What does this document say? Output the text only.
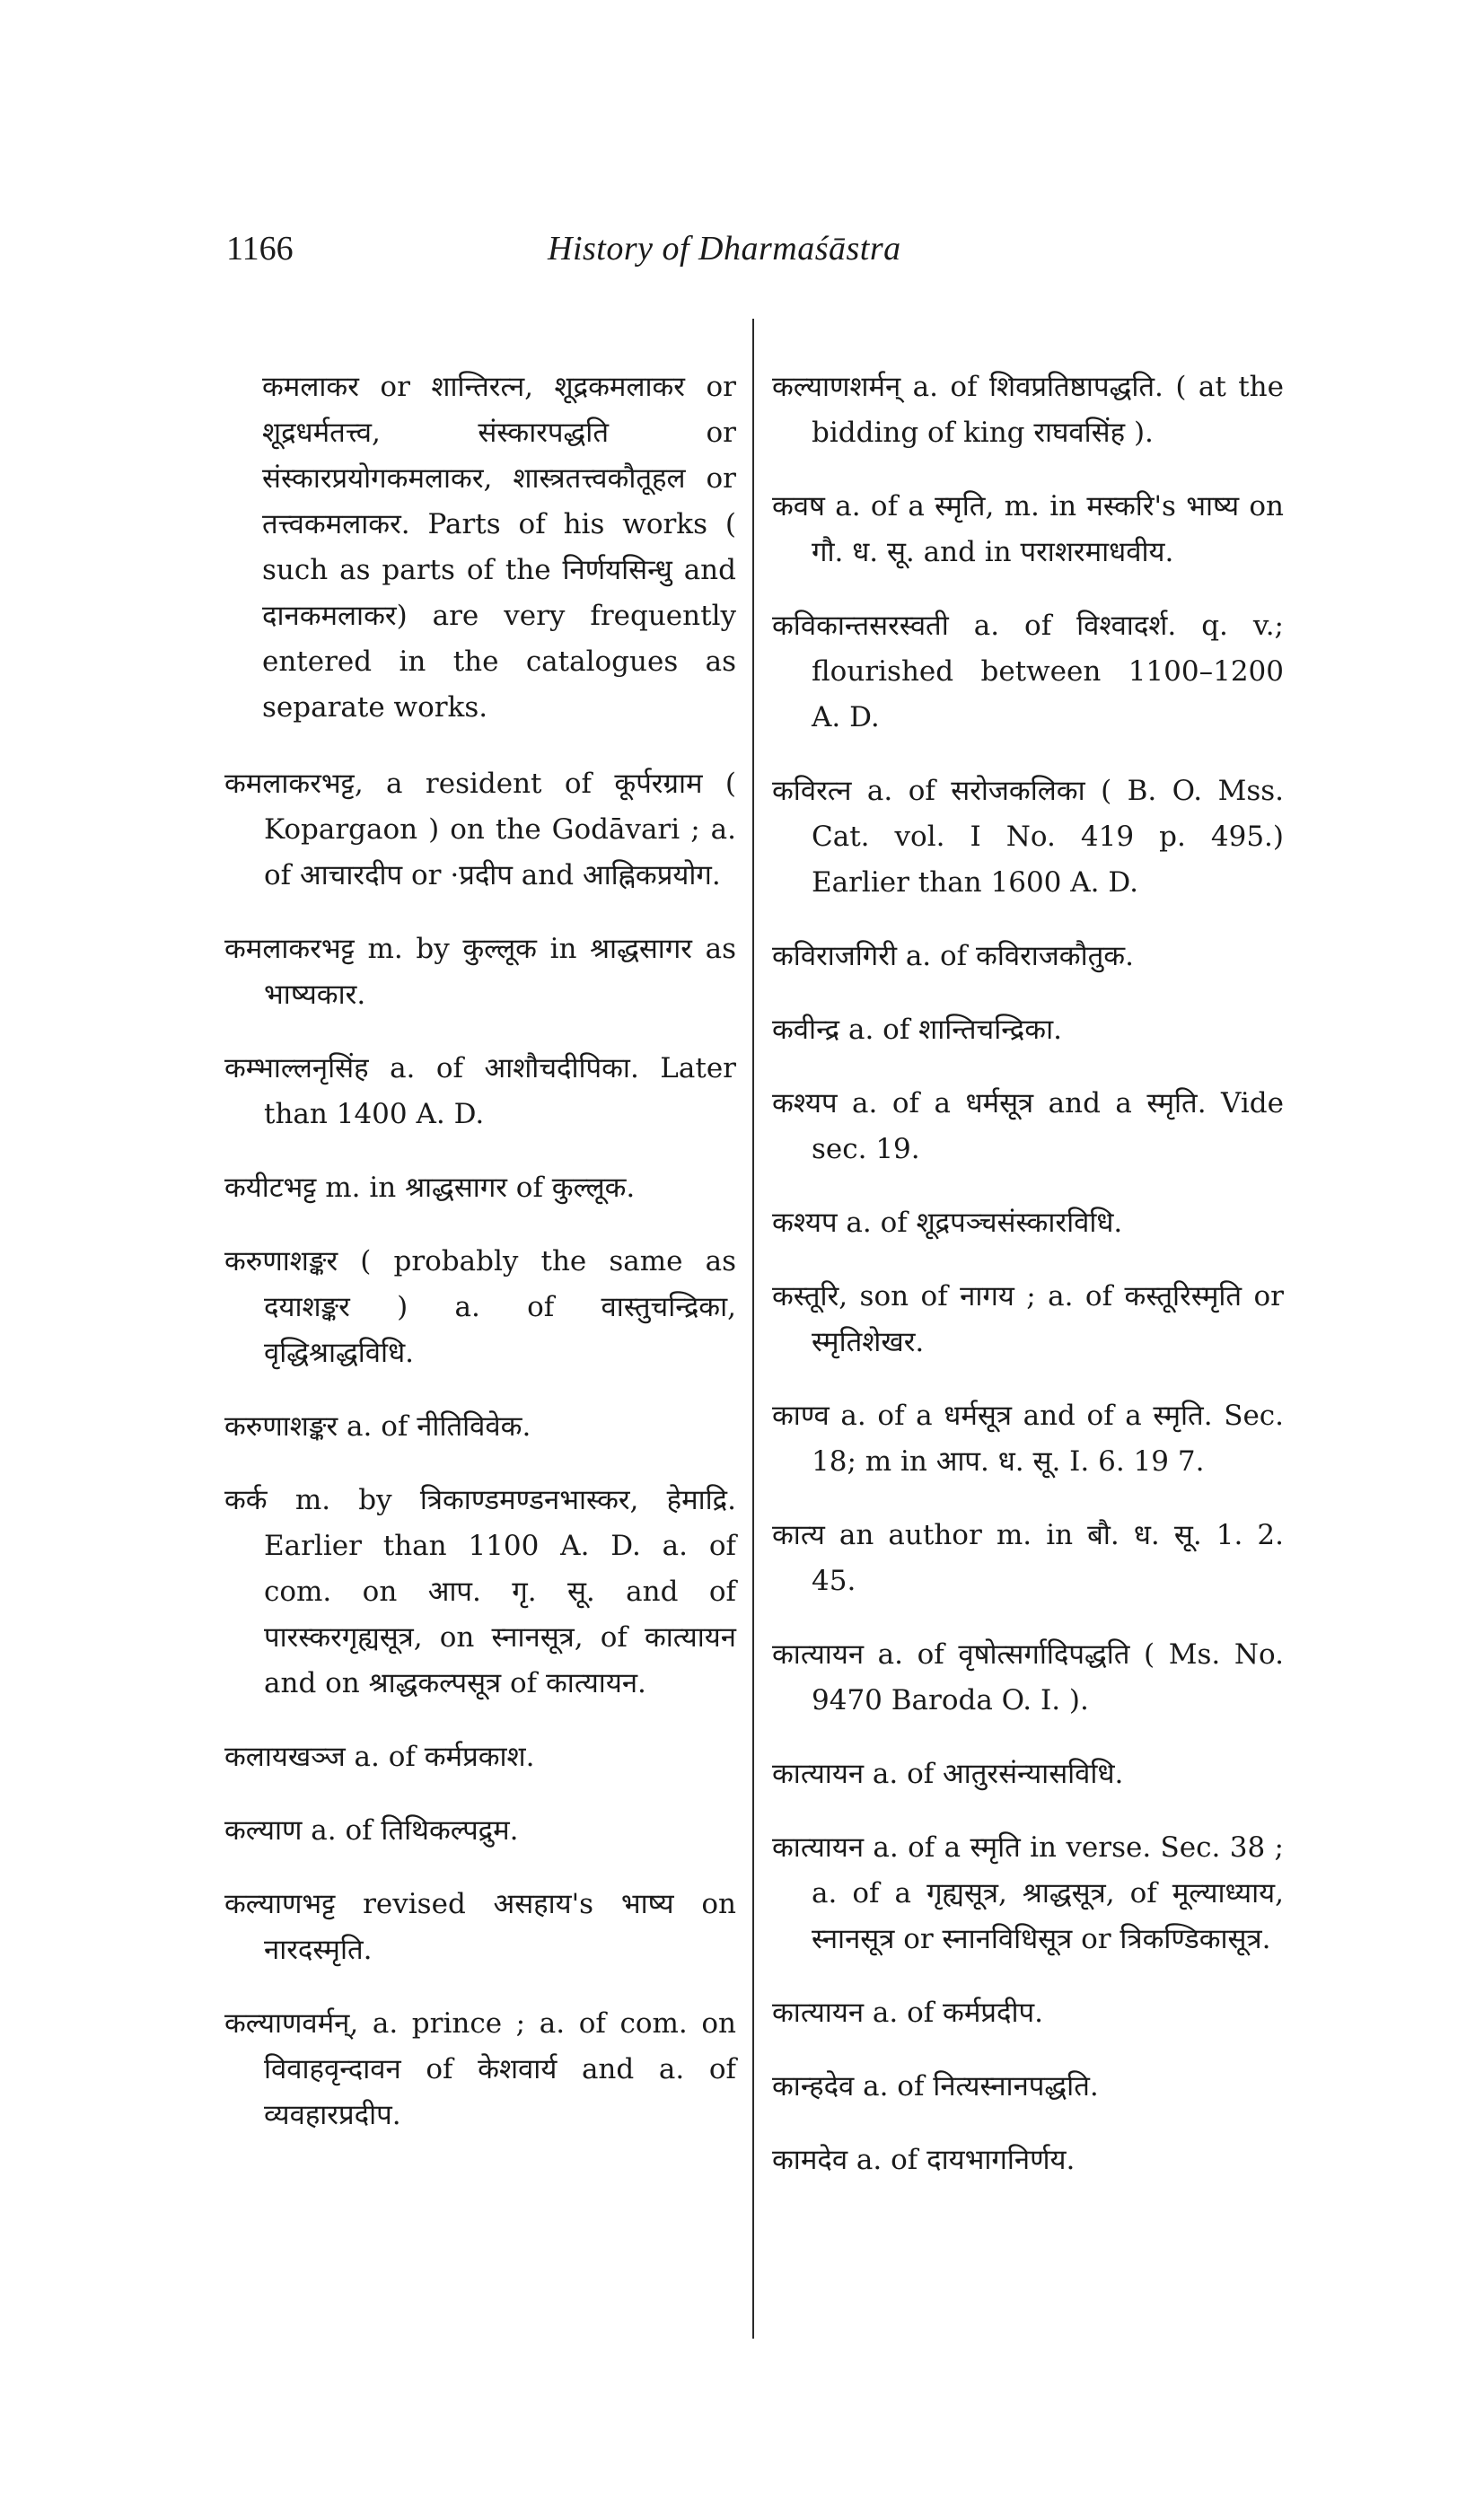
1166	History of Dharmaśāstra

कमलाकर or शान्तिरत्न, शूद्रकमलाकर or शूद्रधर्मतत्त्व, संस्कारपद्धति or संस्कारप्रयोगकमलाकर, शास्त्रतत्त्वकौतूहल or तत्त्वकमलाकर. Parts of his works ( such as parts of the निर्णयसिन्धु and दानकमलाकर) are very frequently entered in the catalogues as separate works.

कमलाकरभट्ट, a resident of कूर्परग्राम ( Kopargaon ) on the Godāvari ; a. of आचारदीप or ·प्रदीप and आह्निकप्रयोग.

कमलाकरभट्ट m. by कुल्लूक in श्राद्धसागर as भाष्यकार.

कम्भाल्लनृसिंह a. of आशौचदीपिका. Later than 1400 A. D.

कयीटभट्ट m. in श्राद्धसागर of कुल्लूक.

करुणाशङ्कर ( probably the same as दयाशङ्कर ) a. of वास्तुचन्द्रिका, वृद्धिश्राद्धविधि.

करुणाशङ्कर a. of नीतिविवेक.

कर्क m. by त्रिकाण्डमण्डनभास्कर, हेमाद्रि. Earlier than 1100 A. D. a. of com. on आप. गृ. सू. and of पारस्करगृह्यसूत्र, on स्नानसूत्र, of कात्यायन and on श्राद्धकल्पसूत्र of कात्यायन.

कलायखञ्ज a. of कर्मप्रकाश.

कल्याण a. of तिथिकल्पद्रुम.

कल्याणभट्ट revised असहाय's भाष्य on नारदस्मृति.

कल्याणवर्मन्, a. prince ; a. of com. on विवाहवृन्दावन of केशवार्य and a. of व्यवहारप्रदीप.

कल्याणशर्मन् a. of शिवप्रतिष्ठापद्धति. ( at the bidding of king राघवसिंह ).

कवष a. of a स्मृति, m. in मस्करि's भाष्य on गौ. ध. सू. and in पराशरमाधवीय.

कविकान्तसरस्वती a. of विश्वादर्श. q. v.; flourished between 1100–1200 A. D.

कविरत्न a. of सरोजकलिका ( B. O. Mss. Cat. vol. I No. 419 p. 495.) Earlier than 1600 A. D.

कविराजगिरी a. of कविराजकौतुक.

कवीन्द्र a. of शान्तिचन्द्रिका.

कश्यप a. of a धर्मसूत्र and a स्मृति. Vide sec. 19.

कश्यप a. of शूद्रपञ्चसंस्कारविधि.

कस्तूरि, son of नागय ; a. of कस्तूरिस्मृति or स्मृतिशेखर.

काण्व a. of a धर्मसूत्र and of a स्मृति. Sec. 18; m in आप. ध. सू. I. 6. 19 7.

कात्य an author m. in बौ. ध. सू. 1. 2. 45.

कात्यायन a. of वृषोत्सर्गादिपद्धति ( Ms. No. 9470 Baroda O. I. ).

कात्यायन a. of आतुरसंन्यासविधि.

कात्यायन a. of a स्मृति in verse. Sec. 38 ; a. of a गृह्यसूत्र, श्राद्धसूत्र, of मूल्याध्याय, स्नानसूत्र or स्नानविधिसूत्र or त्रिकण्डिकासूत्र.

कात्यायन a. of कर्मप्रदीप.

कान्हदेव a. of नित्यस्नानपद्धति.

कामदेव a. of दायभागनिर्णय.
